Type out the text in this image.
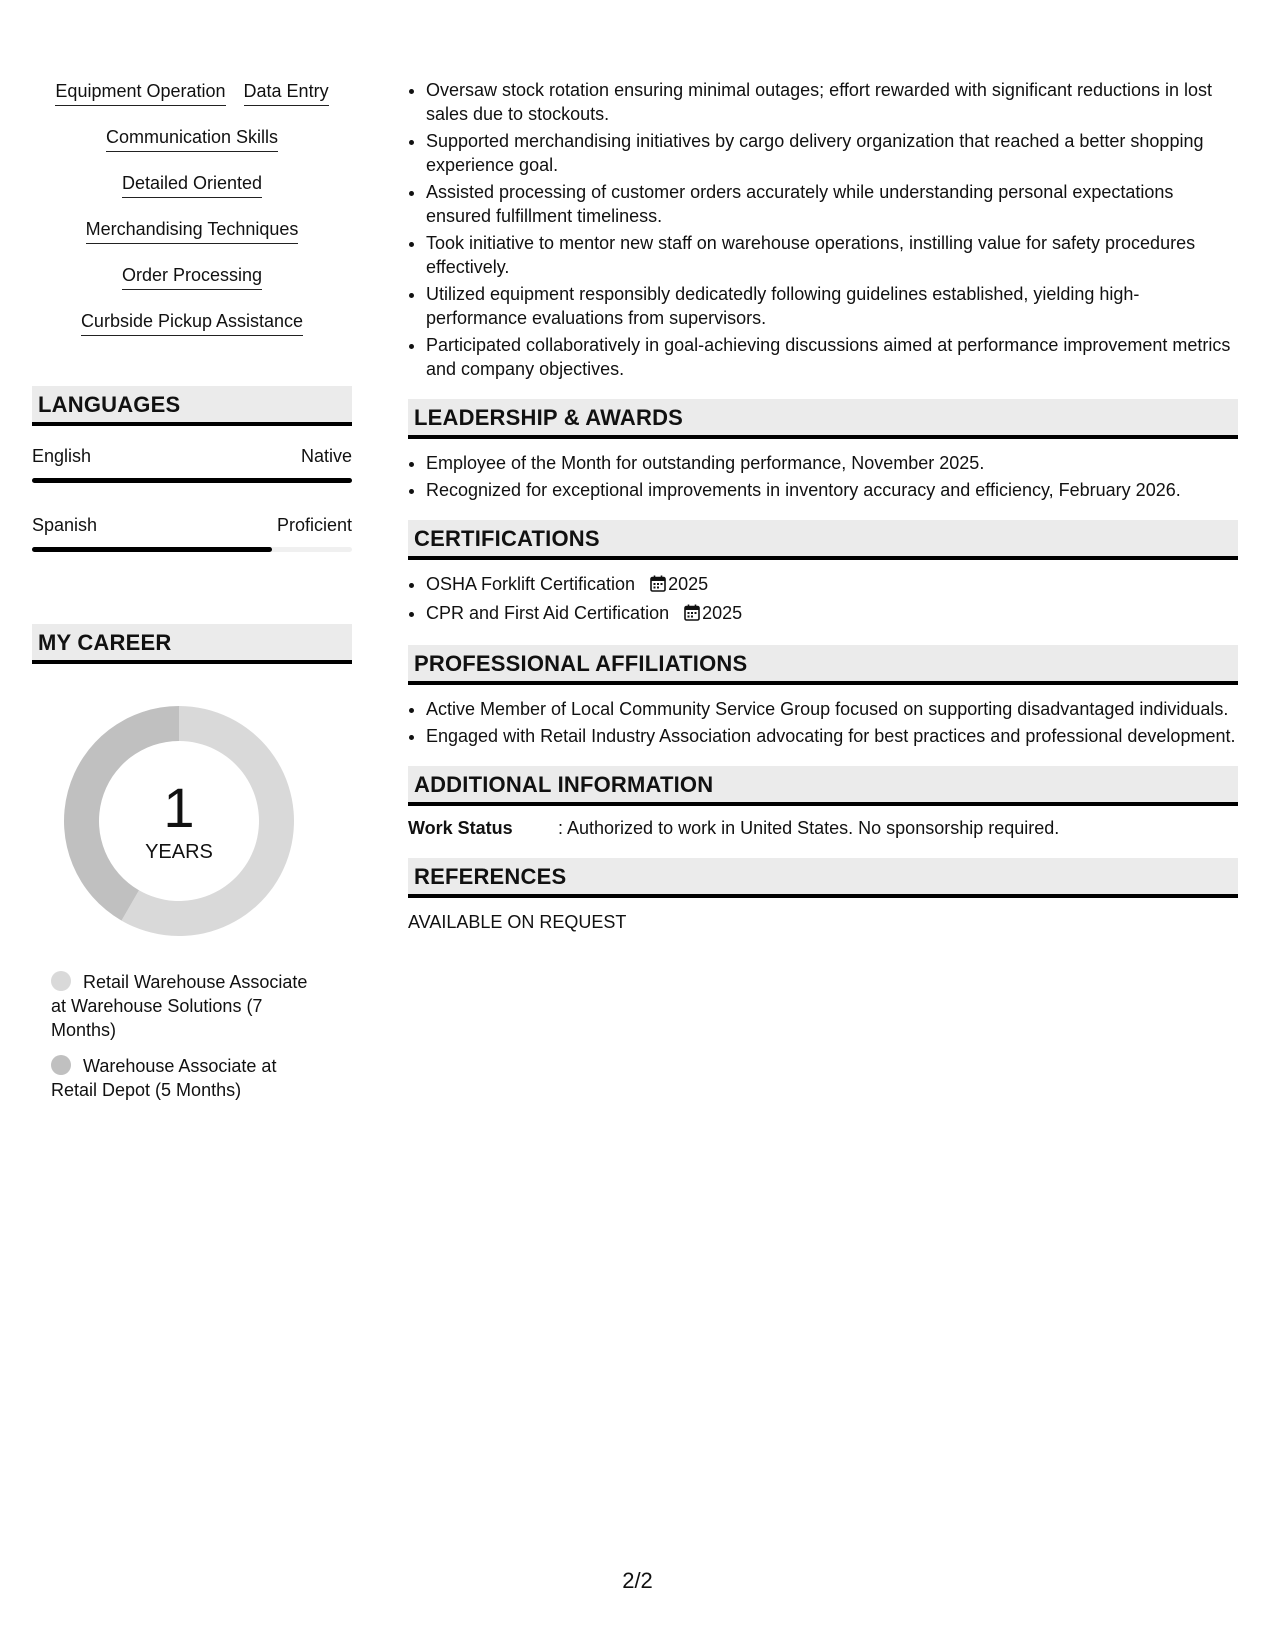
Equipment Operation Data Entry
Communication Skills
Detailed Oriented
Merchandising Techniques
Order Processing
Curbside Pickup Assistance
LANGUAGES
English	Native
Spanish	Proficient
MY CAREER
1
YEARS
Retail Warehouse Associate at Warehouse Solutions (7 Months)
Warehouse Associate at Retail Depot (5 Months)
• Oversaw stock rotation ensuring minimal outages; effort rewarded with significant reductions in lost sales due to stockouts.
• Supported merchandising initiatives by cargo delivery organization that reached a better shopping experience goal.
• Assisted processing of customer orders accurately while understanding personal expectations ensured fulfillment timeliness.
• Took initiative to mentor new staff on warehouse operations, instilling value for safety procedures effectively.
• Utilized equipment responsibly dedicatedly following guidelines established, yielding high-performance evaluations from supervisors.
• Participated collaboratively in goal-achieving discussions aimed at performance improvement metrics and company objectives.
LEADERSHIP & AWARDS
• Employee of the Month for outstanding performance, November 2025.
• Recognized for exceptional improvements in inventory accuracy and efficiency, February 2026.
CERTIFICATIONS
• OSHA Forklift Certification 2025
• CPR and First Aid Certification 2025
PROFESSIONAL AFFILIATIONS
• Active Member of Local Community Service Group focused on supporting disadvantaged individuals.
• Engaged with Retail Industry Association advocating for best practices and professional development.
ADDITIONAL INFORMATION
Work Status	: Authorized to work in United States. No sponsorship required.
REFERENCES
AVAILABLE ON REQUEST
2/2
